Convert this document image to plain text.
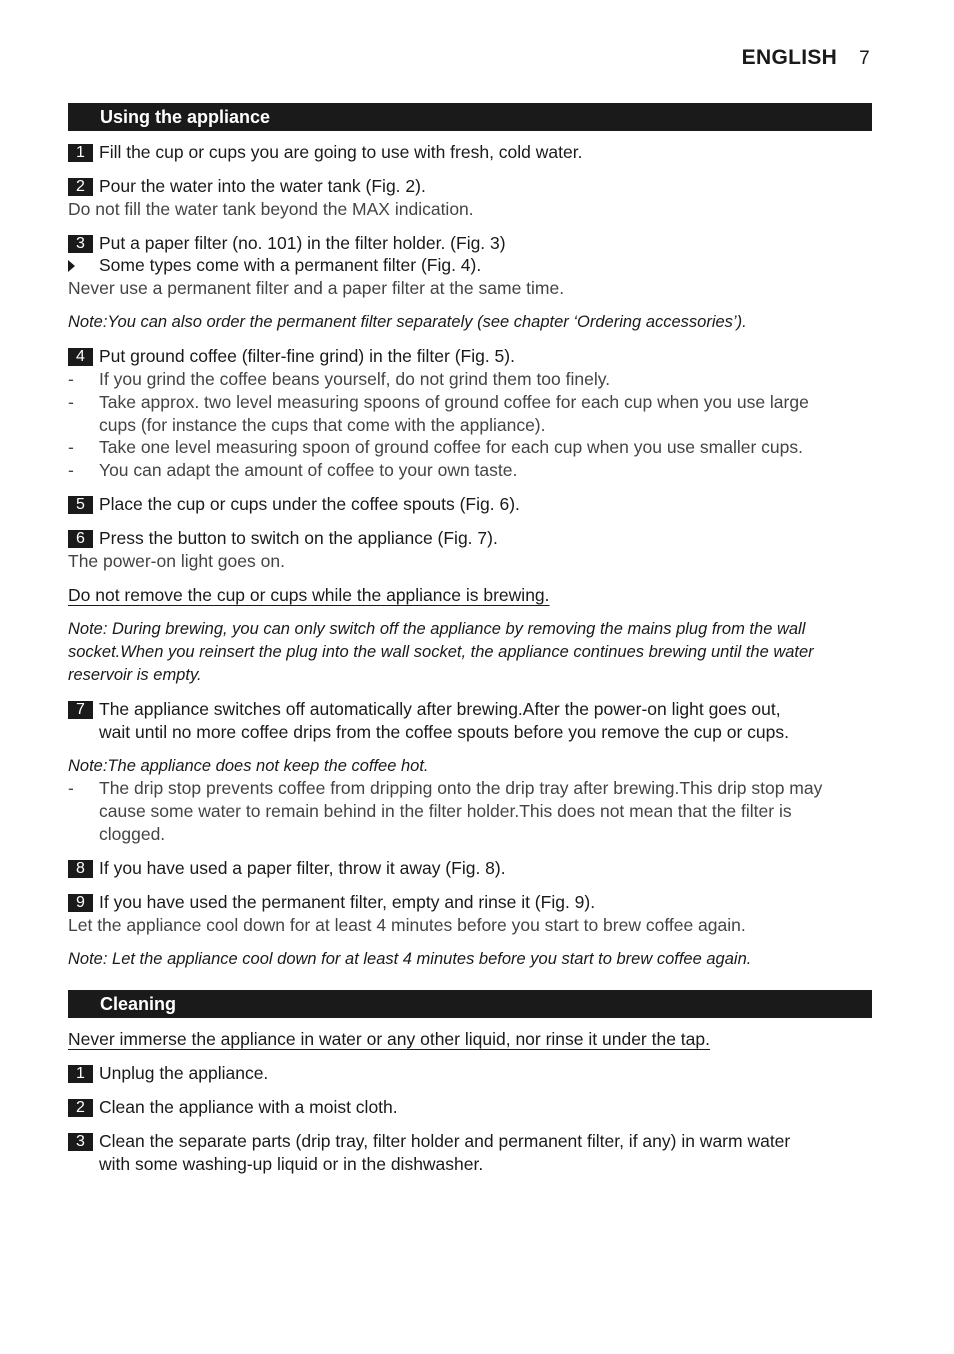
ENGLISH 7
Using the appliance
1 Fill the cup or cups you are going to use with fresh, cold water.
2 Pour the water into the water tank (Fig. 2).
Do not fill the water tank beyond the MAX indication.
3 Put a paper filter (no. 101) in the filter holder. (Fig. 3)
Some types come with a permanent filter (Fig. 4).
Never use a permanent filter and a paper filter at the same time.
Note:You can also order the permanent filter separately (see chapter ‘Ordering accessories’).
4 Put ground coffee (filter-fine grind) in the filter (Fig. 5).
-	If you grind the coffee beans yourself, do not grind them too finely.
-	Take approx. two level measuring spoons of ground coffee for each cup when you use large
cups (for instance the cups that come with the appliance).
-	Take one level measuring spoon of ground coffee for each cup when you use smaller cups.
-	You can adapt the amount of coffee to your own taste.
5 Place the cup or cups under the coffee spouts (Fig. 6).
6 Press the button to switch on the appliance (Fig. 7).
The power-on light goes on.
Do not remove the cup or cups while the appliance is brewing.
Note: During brewing, you can only switch off the appliance by removing the mains plug from the wall
socket.When you reinsert the plug into the wall socket, the appliance continues brewing until the water
reservoir is empty.
7 The appliance switches off automatically after brewing.After the power-on light goes out,
wait until no more coffee drips from the coffee spouts before you remove the cup or cups.
Note:The appliance does not keep the coffee hot.
-	The drip stop prevents coffee from dripping onto the drip tray after brewing.This drip stop may
cause some water to remain behind in the filter holder.This does not mean that the filter is
clogged.
8 If you have used a paper filter, throw it away (Fig. 8).
9 If you have used the permanent filter, empty and rinse it (Fig. 9).
Let the appliance cool down for at least 4 minutes before you start to brew coffee again.
Note: Let the appliance cool down for at least 4 minutes before you start to brew coffee again.
Cleaning
Never immerse the appliance in water or any other liquid, nor rinse it under the tap.
1 Unplug the appliance.
2 Clean the appliance with a moist cloth.
3 Clean the separate parts (drip tray, filter holder and permanent filter, if any) in warm water
with some washing-up liquid or in the dishwasher.
